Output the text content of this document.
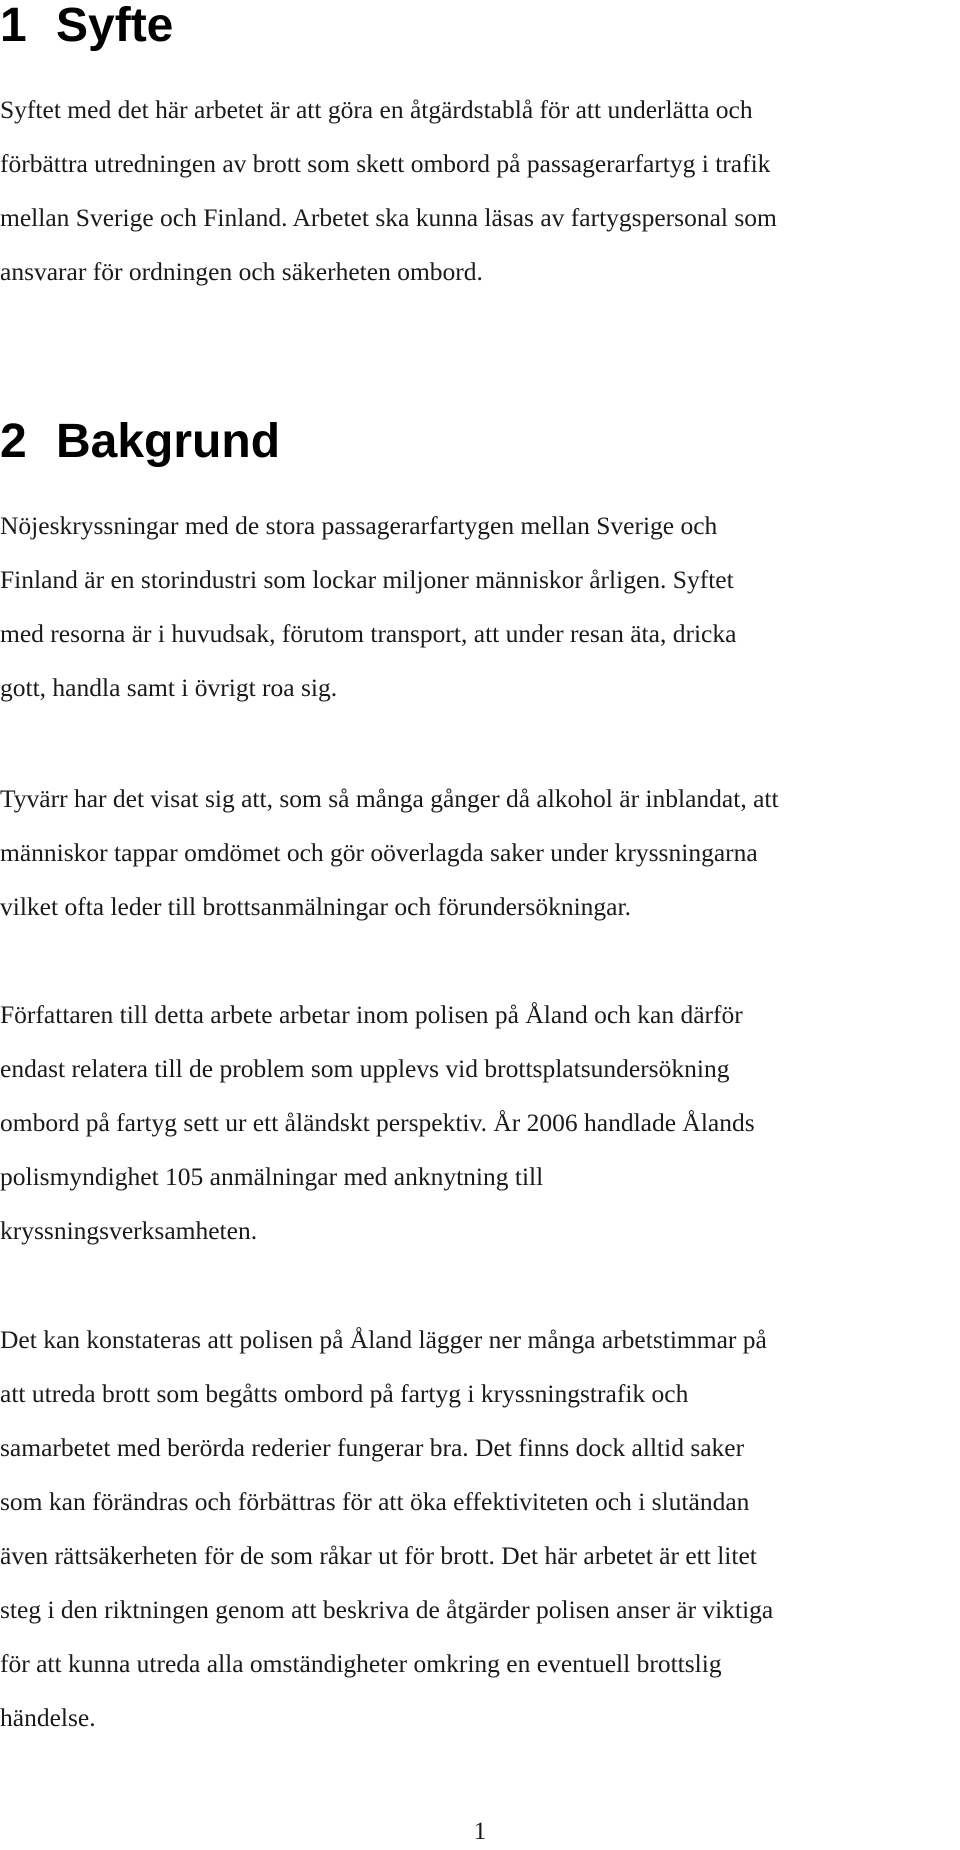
1 Syfte
Syftet med det här arbetet är att göra en åtgärdstablå för att underlätta och
förbättra utredningen av brott som skett ombord på passagerarfartyg i trafik
mellan Sverige och Finland. Arbetet ska kunna läsas av fartygspersonal som
ansvarar för ordningen och säkerheten ombord.
2 Bakgrund
Nöjeskryssningar med de stora passagerarfartygen mellan Sverige och
Finland är en storindustri som lockar miljoner människor årligen. Syftet
med resorna är i huvudsak, förutom transport, att under resan äta, dricka
gott, handla samt i övrigt roa sig.
Tyvärr har det visat sig att, som så många gånger då alkohol är inblandat, att
människor tappar omdömet och gör oöverlagda saker under kryssningarna
vilket ofta leder till brottsanmälningar och förundersökningar.
Författaren till detta arbete arbetar inom polisen på Åland och kan därför
endast relatera till de problem som upplevs vid brottsplatsundersökning
ombord på fartyg sett ur ett åländskt perspektiv. År 2006 handlade Ålands
polismyndighet 105 anmälningar med anknytning till
kryssningsverksamheten.
Det kan konstateras att polisen på Åland lägger ner många arbetstimmar på
att utreda brott som begåtts ombord på fartyg i kryssningstrafik och
samarbetet med berörda rederier fungerar bra. Det finns dock alltid saker
som kan förändras och förbättras för att öka effektiviteten och i slutändan
även rättsäkerheten för de som råkar ut för brott. Det här arbetet är ett litet
steg i den riktningen genom att beskriva de åtgärder polisen anser är viktiga
för att kunna utreda alla omständigheter omkring en eventuell brottslig
händelse.
1
